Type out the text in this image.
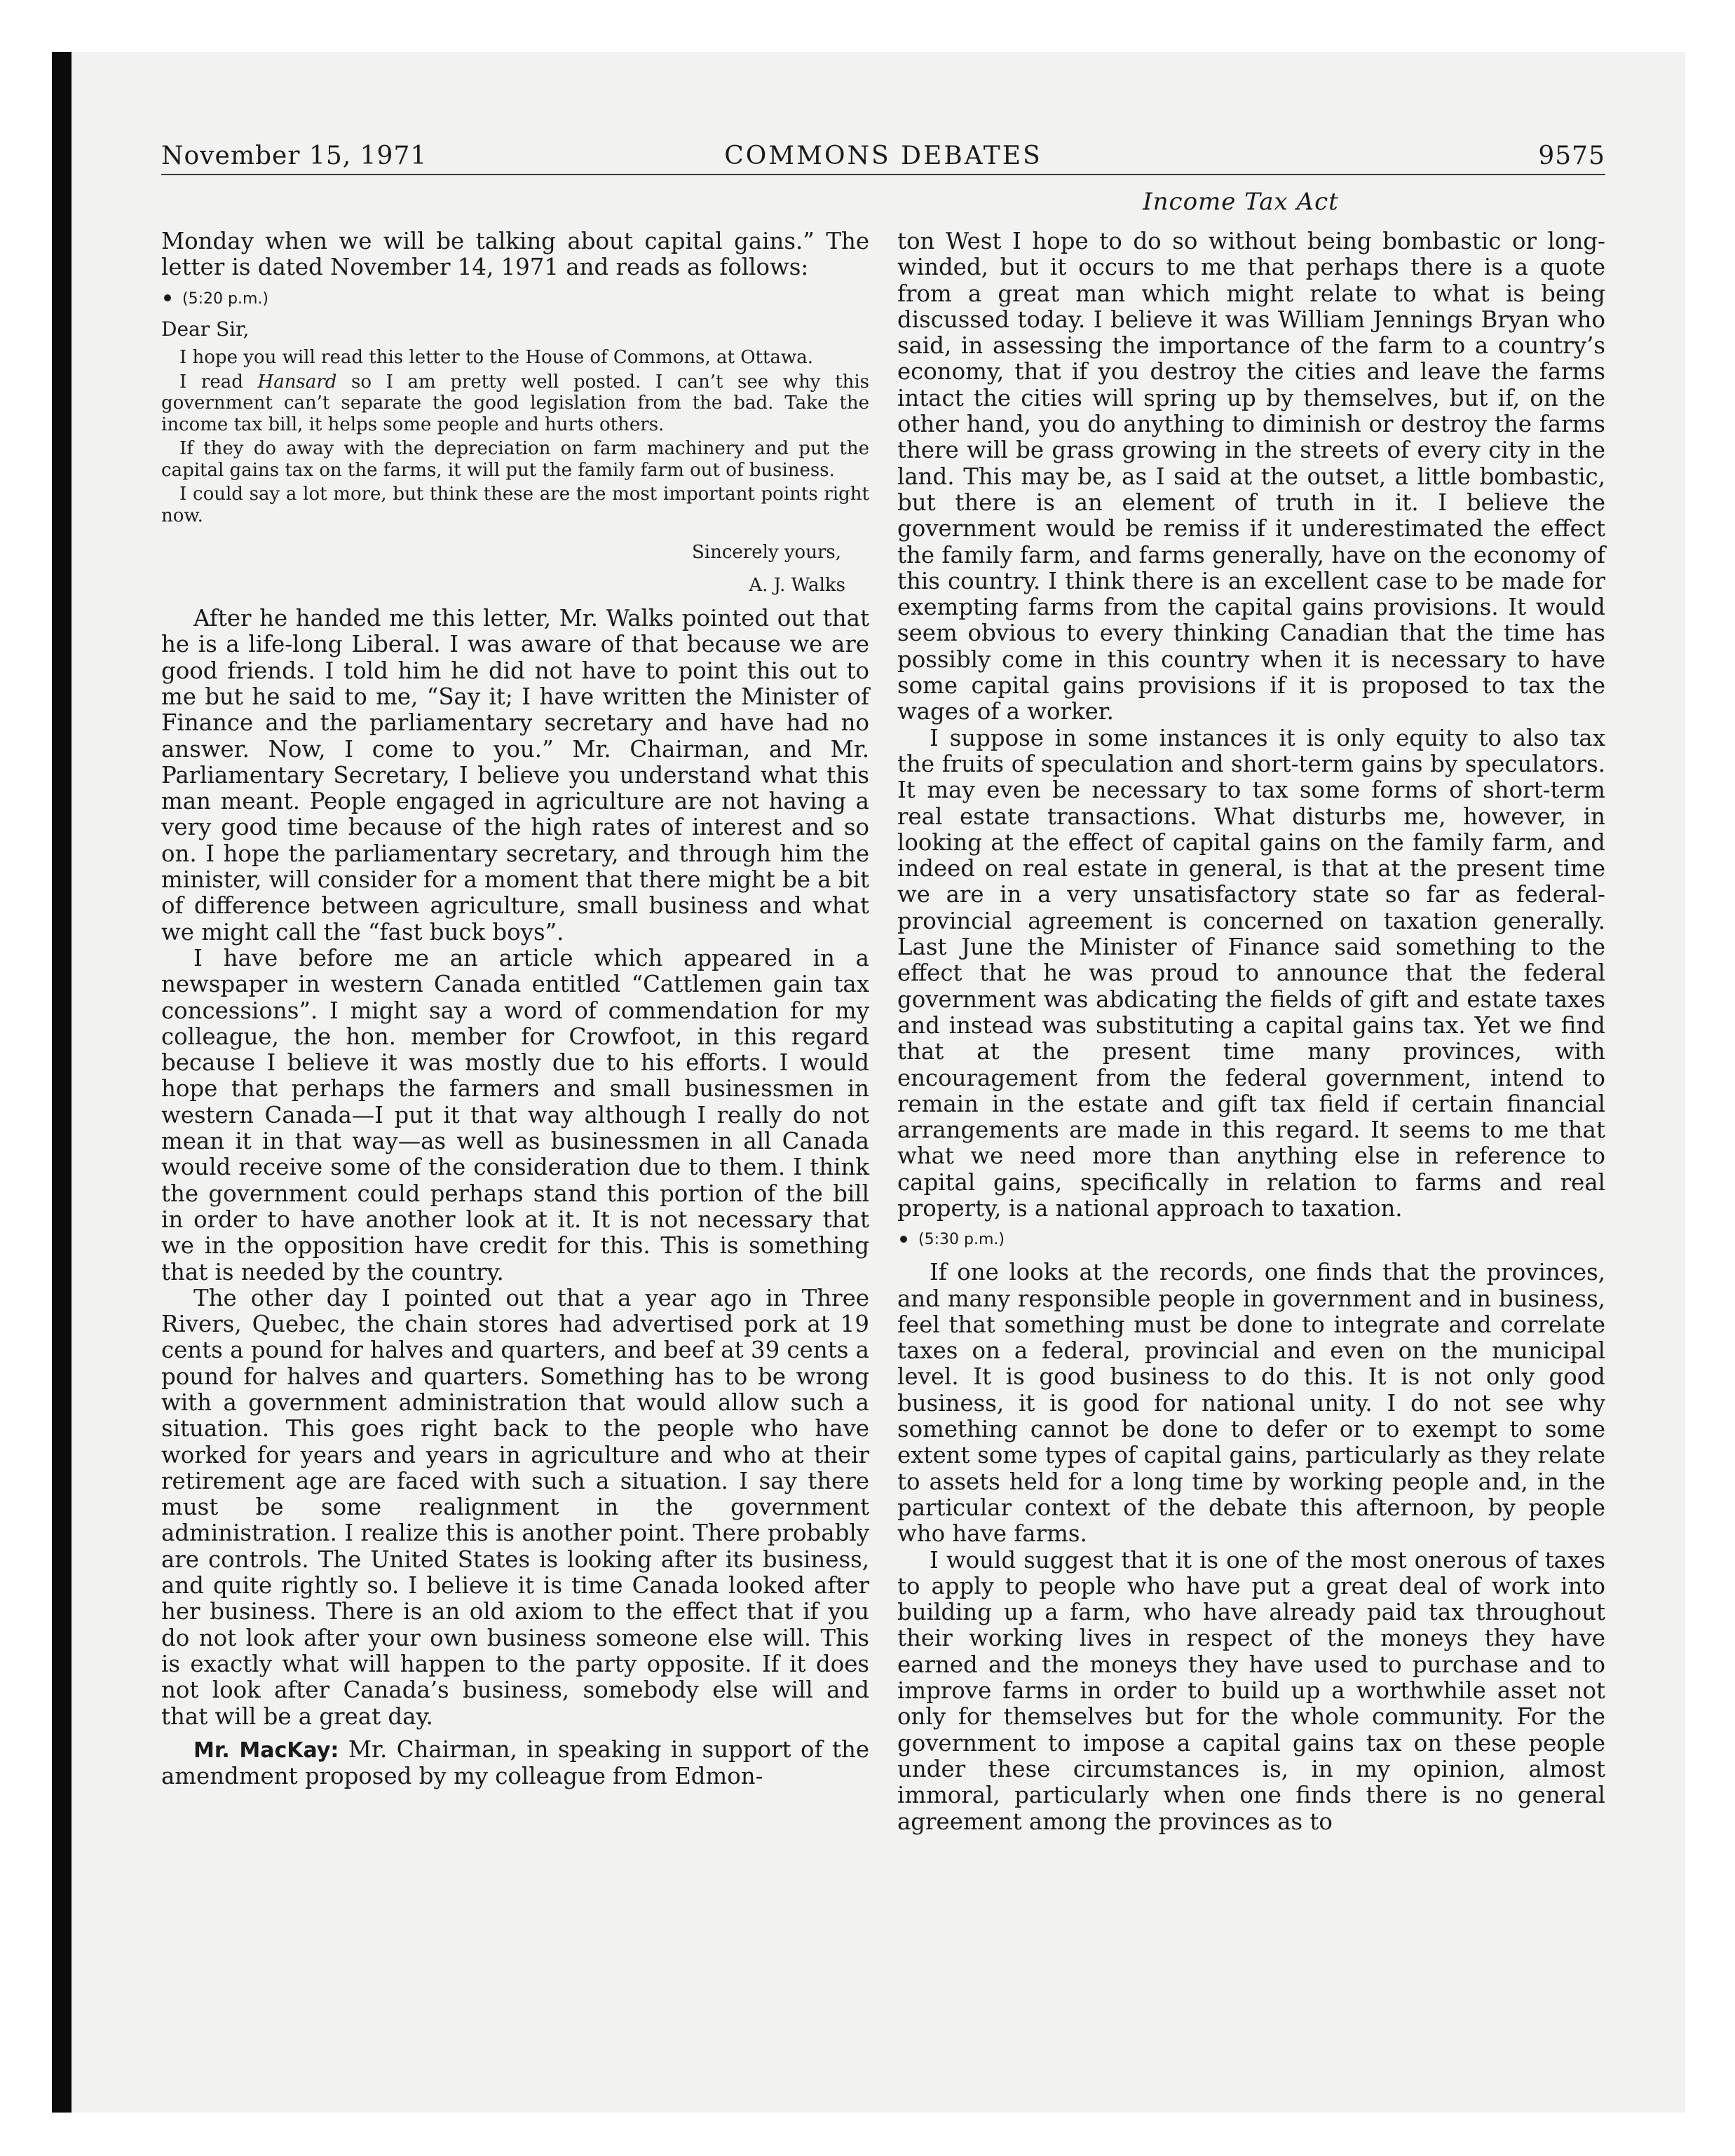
November 15, 1971	COMMONS DEBATES	9575
Income Tax Act

Monday when we will be talking about capital gains.” The letter is dated November 14, 1971 and reads as follows:

(5:20 p.m.)

Dear Sir,

I hope you will read this letter to the House of Commons, at Ottawa.

I read Hansard so I am pretty well posted. I can’t see why this government can’t separate the good legislation from the bad. Take the income tax bill, it helps some people and hurts others.

If they do away with the depreciation on farm machinery and put the capital gains tax on the farms, it will put the family farm out of business.

I could say a lot more, but think these are the most important points right now.

Sincerely yours,

A. J. Walks

After he handed me this letter, Mr. Walks pointed out that he is a life-long Liberal. I was aware of that because we are good friends. I told him he did not have to point this out to me but he said to me, “Say it; I have written the Minister of Finance and the parliamentary secretary and have had no answer. Now, I come to you.” Mr. Chairman, and Mr. Parliamentary Secretary, I believe you understand what this man meant. People engaged in agriculture are not having a very good time because of the high rates of interest and so on. I hope the parliamentary secretary, and through him the minister, will consider for a moment that there might be a bit of difference between agriculture, small business and what we might call the “fast buck boys”.

I have before me an article which appeared in a newspaper in western Canada entitled “Cattlemen gain tax concessions”. I might say a word of commendation for my colleague, the hon. member for Crowfoot, in this regard because I believe it was mostly due to his efforts. I would hope that perhaps the farmers and small businessmen in western Canada—I put it that way although I really do not mean it in that way—as well as businessmen in all Canada would receive some of the consideration due to them. I think the government could perhaps stand this portion of the bill in order to have another look at it. It is not necessary that we in the opposition have credit for this. This is something that is needed by the country.

The other day I pointed out that a year ago in Three Rivers, Quebec, the chain stores had advertised pork at 19 cents a pound for halves and quarters, and beef at 39 cents a pound for halves and quarters. Something has to be wrong with a government administration that would allow such a situation. This goes right back to the people who have worked for years and years in agriculture and who at their retirement age are faced with such a situation. I say there must be some realignment in the government administration. I realize this is another point. There probably are controls. The United States is looking after its business, and quite rightly so. I believe it is time Canada looked after her business. There is an old axiom to the effect that if you do not look after your own business someone else will. This is exactly what will happen to the party opposite. If it does not look after Canada’s business, somebody else will and that will be a great day.

Mr. MacKay: Mr. Chairman, in speaking in support of the amendment proposed by my colleague from Edmon-

ton West I hope to do so without being bombastic or long-winded, but it occurs to me that perhaps there is a quote from a great man which might relate to what is being discussed today. I believe it was William Jennings Bryan who said, in assessing the importance of the farm to a country’s economy, that if you destroy the cities and leave the farms intact the cities will spring up by themselves, but if, on the other hand, you do anything to diminish or destroy the farms there will be grass growing in the streets of every city in the land. This may be, as I said at the outset, a little bombastic, but there is an element of truth in it. I believe the government would be remiss if it underestimated the effect the family farm, and farms generally, have on the economy of this country. I think there is an excellent case to be made for exempting farms from the capital gains provisions. It would seem obvious to every thinking Canadian that the time has possibly come in this country when it is necessary to have some capital gains provisions if it is proposed to tax the wages of a worker.

I suppose in some instances it is only equity to also tax the fruits of speculation and short-term gains by speculators. It may even be necessary to tax some forms of short-term real estate transactions. What disturbs me, however, in looking at the effect of capital gains on the family farm, and indeed on real estate in general, is that at the present time we are in a very unsatisfactory state so far as federal-provincial agreement is concerned on taxation generally. Last June the Minister of Finance said something to the effect that he was proud to announce that the federal government was abdicating the fields of gift and estate taxes and instead was substituting a capital gains tax. Yet we find that at the present time many provinces, with encouragement from the federal government, intend to remain in the estate and gift tax field if certain financial arrangements are made in this regard. It seems to me that what we need more than anything else in reference to capital gains, specifically in relation to farms and real property, is a national approach to taxation.

(5:30 p.m.)

If one looks at the records, one finds that the provinces, and many responsible people in government and in business, feel that something must be done to integrate and correlate taxes on a federal, provincial and even on the municipal level. It is good business to do this. It is not only good business, it is good for national unity. I do not see why something cannot be done to defer or to exempt to some extent some types of capital gains, particularly as they relate to assets held for a long time by working people and, in the particular context of the debate this afternoon, by people who have farms.

I would suggest that it is one of the most onerous of taxes to apply to people who have put a great deal of work into building up a farm, who have already paid tax throughout their working lives in respect of the moneys they have earned and the moneys they have used to purchase and to improve farms in order to build up a worthwhile asset not only for themselves but for the whole community. For the government to impose a capital gains tax on these people under these circumstances is, in my opinion, almost immoral, particularly when one finds there is no general agreement among the provinces as to
